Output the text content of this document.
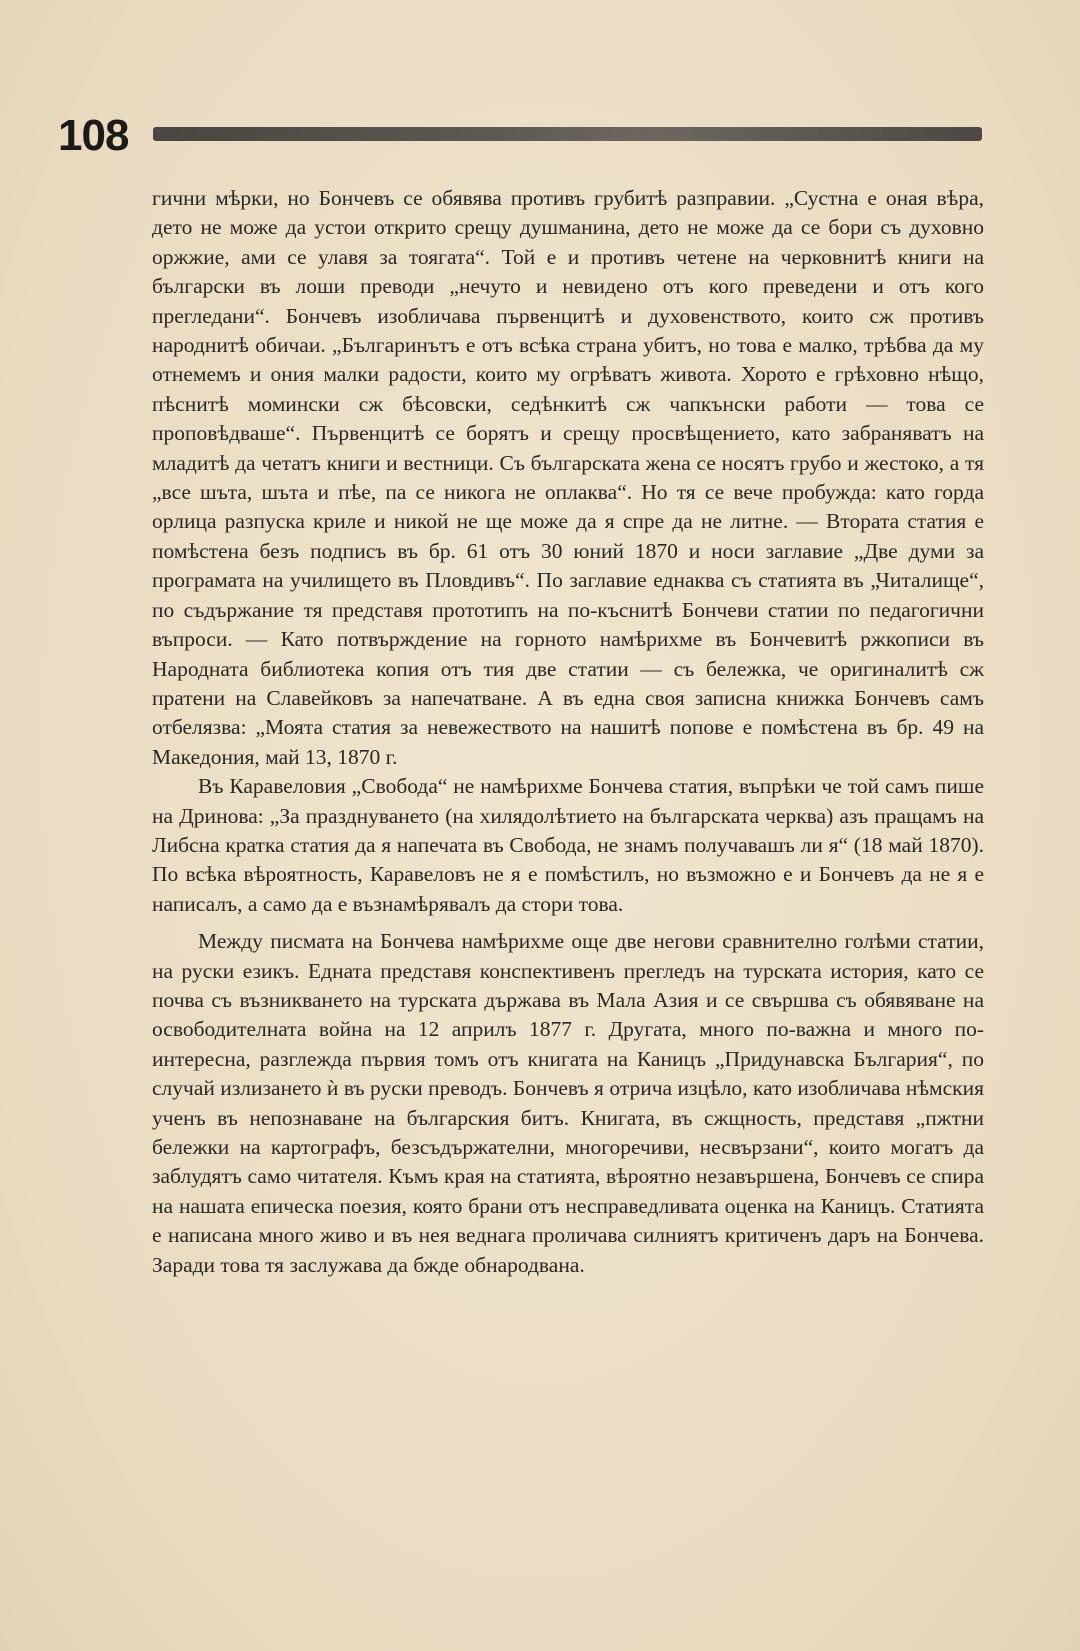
108

гични мѣрки, но Бончевъ се обявява противъ грубитѣ разправии. „Сустна е оная вѣра, дето не може да устои открито срещу душманина, дето не може да се бори съ духовно оржжие, ами се улавя за тоягата“. Той е и противъ четене на черковнитѣ книги на български въ лоши преводи „нечуто и невидено отъ кого преведени и отъ кого прегледани“. Бончевъ изобличава първенцитѣ и духовенството, които сж противъ народнитѣ обичаи. „Българинътъ е отъ всѣка страна убитъ, но това е малко, трѣбва да му отнемемъ и ония малки радости, които му огрѣватъ живота. Хорото е грѣховно нѣщо, пѣснитѣ момински сж бѣсовски, седѣнкитѣ сж чапкънски работи — това се проповѣдваше“. Първенцитѣ се борятъ и срещу просвѣщението, като забраняватъ на младитѣ да четатъ книги и вестници. Съ българската жена се носятъ грубо и жестоко, а тя „все шъта, шъта и пѣе, па се никога не оплаква“. Но тя се вече пробужда: като горда орлица разпуска криле и никой не ще може да я спре да не литне. — Втората статия е помѣстена безъ подписъ въ бр. 61 отъ 30 юний 1870 и носи заглавие „Две думи за програмата на училището въ Пловдивъ“. По заглавие еднаква съ статията въ „Читалище“, по съдържание тя представя прототипъ на по-къснитѣ Бончеви статии по педагогични въпроси. — Като потвърждение на горното намѣрихме въ Бончевитѣ ржкописи въ Народната библиотека копия отъ тия две статии — съ бележка, че оригиналитѣ сж пратени на Славейковъ за напечатване. А въ една своя записна книжка Бончевъ самъ отбелязва: „Моята статия за невежеството на нашитѣ попове е помѣстена въ бр. 49 на Македония, май 13, 1870 г.

Въ Каравеловия „Свобода“ не намѣрихме Бончева статия, въпрѣки че той самъ пише на Дринова: „За празднуването (на хилядолѣтието на българската черква) азъ пращамъ на Либсна кратка статия да я напечата въ Свобода, не знамъ получавашъ ли я“ (18 май 1870). По всѣка вѣроятность, Каравеловъ не я е помѣстилъ, но възможно е и Бончевъ да не я е написалъ, а само да е възнамѣрявалъ да стори това.

Между писмата на Бончева намѣрихме още две негови сравнително голѣми статии, на руски езикъ. Едната представя конспективенъ прегледъ на турската история, като се почва съ възникването на турската държава въ Мала Азия и се свършва съ обявяване на освободителната война на 12 априлъ 1877 г. Другата, много по-важна и много по-интересна, разглежда първия томъ отъ книгата на Каницъ „Придунавска България“, по случай излизането ѝ въ руски преводъ. Бончевъ я отрича изцѣло, като изобличава нѣмския ученъ въ непознаване на българския битъ. Книгата, въ сжщность, представя „пжтни бележки на картографъ, безсъдържателни, многоречиви, несвързани“, които могатъ да заблудятъ само читателя. Къмъ края на статията, вѣроятно незавършена, Бончевъ се спира на нашата епическа поезия, която брани отъ несправедливата оценка на Каницъ. Статията е написана много живо и въ нея веднага проличава силниятъ критиченъ даръ на Бончева. Заради това тя заслужава да бжде обнародвана.
